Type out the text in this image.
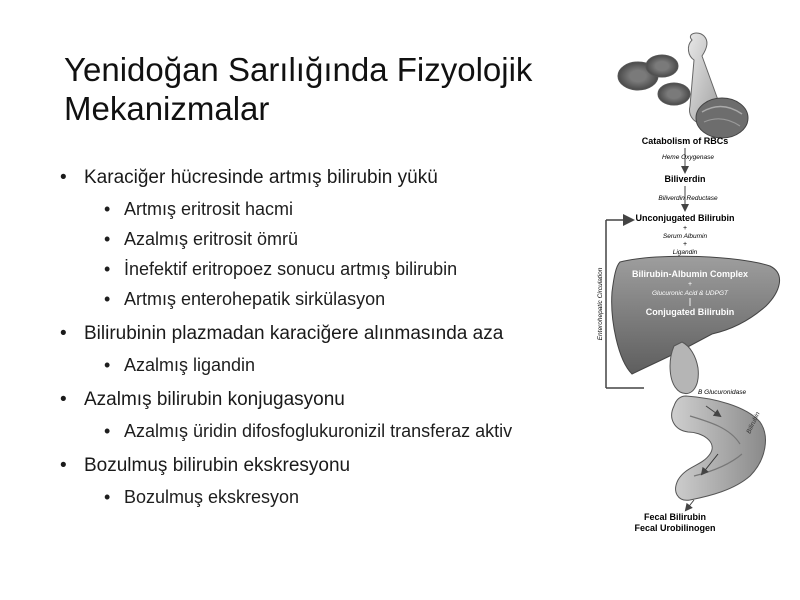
Yenidoğan Sarılığında Fizyolojik
Mekanizmalar
• Karaciğer hücresinde artmış bilirubin yükü
• Artmış eritrosit hacmi
• Azalmış eritrosit ömrü
• İnefektif eritropoez sonucu artmış bilirubin
• Artmış enterohepatik sirkülasyon
• Bilirubinin plazmadan karaciğere alınmasında aza
• Azalmış ligandin
• Azalmış bilirubin konjugasyonu
• Azalmış üridin difosfoglukuronizil transferaz aktiv
• Bozulmuş bilirubin ekskresyonu
• Bozulmuş ekskresyon
Catabolism of RBCs
Heme Oxygenase
Biliverdin
Biliverdin Reductase
Unconjugated Bilirubin
+
Serum Albumin
+
Ligandin
Bilirubin-Albumin Complex
+
Glucuronic Acid & UDPGT
Conjugated Bilirubin
Enterohepatic Circulation
B Glucuronidase
Bilirubin
Fecal Bilirubin
Fecal Urobilinogen
